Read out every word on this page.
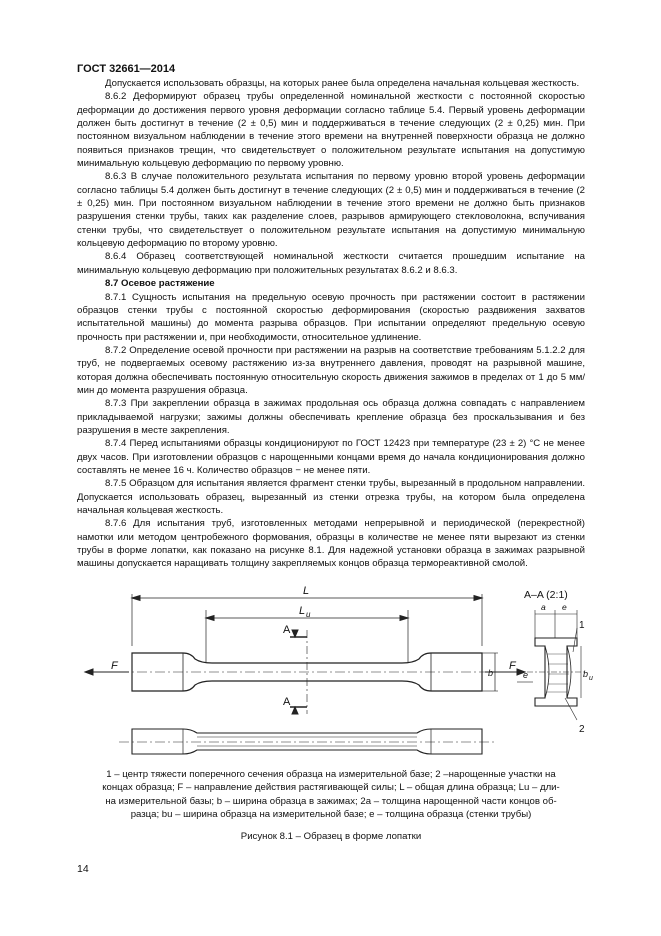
ГОСТ 32661—2014

Допускается использовать образцы, на которых ранее была определена начальная кольцевая жесткость.

8.6.2 Деформируют образец трубы определенной номинальной жесткости с постоянной скоростью деформации до достижения первого уровня деформации согласно таблице 5.4. Первый уровень деформации должен быть достигнут в течение (2 ± 0,5) мин и поддерживаться в течение следующих (2 ± 0,25) мин. При постоянном визуальном наблюдении в течение этого времени на внутренней поверхности образца не должно появиться признаков трещин, что свидетельствует о положительном результате испытания на допустимую минимальную кольцевую деформацию по первому уровню.

8.6.3 В случае положительного результата испытания по первому уровню второй уровень деформации согласно таблицы 5.4 должен быть достигнут в течение следующих (2 ± 0,5) мин и поддерживаться в течение (2 ± 0,25) мин. При постоянном визуальном наблюдении в течение этого времени не должно быть признаков разрушения стенки трубы, таких как разделение слоев, разрывов армирующего стекловолокна, вспучивания стенки трубы, что свидетельствует о положительном результате испытания на допустимую минимальную кольцевую деформацию по второму уровню.

8.6.4 Образец соответствующей номинальной жесткости считается прошедшим испытание на минимальную кольцевую деформацию при положительных результатах 8.6.2 и 8.6.3.

8.7 Осевое растяжение

8.7.1 Сущность испытания на предельную осевую прочность при растяжении состоит в растяжении образцов стенки трубы с постоянной скоростью деформирования (скоростью раздвижения захватов испытательной машины) до момента разрыва образцов. При испытании определяют предельную осевую прочность при растяжении и, при необходимости, относительное удлинение.

8.7.2 Определение осевой прочности при растяжении на разрыв на соответствие требованиям 5.1.2.2 для труб, не подвергаемых осевому растяжению из-за внутреннего давления, проводят на разрывной машине, которая должна обеспечивать постоянную относительную скорость движения зажимов в пределах от 1 до 5 мм/мин до момента разрушения образца.

8.7.3 При закреплении образца в зажимах продольная ось образца должна совпадать с направлением прикладываемой нагрузки; зажимы должны обеспечивать крепление образца без проскальзывания и без разрушения в месте закрепления.

8.7.4 Перед испытаниями образцы кондиционируют по ГОСТ 12423 при температуре (23 ± 2) °С не менее двух часов. При изготовлении образцов с нарощенными концами время до начала кондиционирования должно составлять не менее 16 ч. Количество образцов − не менее пяти.

8.7.5 Образцом для испытания является фрагмент стенки трубы, вырезанный в продольном направлении. Допускается использовать образец, вырезанный из стенки отрезка трубы, на котором была определена начальная кольцевая жесткость.

8.7.6 Для испытания труб, изготовленных методами непрерывной и периодической (перекрестной) намотки или методом центробежного формования, образцы в количестве не менее пяти вырезают из стенки трубы в форме лопатки, как показано на рисунке 8.1. Для надежной установки образца в зажимах разрывной машины допускается наращивать толщину закрепляемых концов образца термореактивной смолой.

L
L u
A
A
F	F
b	e
A–A (2:1)
a e
b u
1
2
1 – центр тяжести поперечного сечения образца на измерительной базе; 2 –нарощенные участки на
концах образца; F – направление действия растягивающей силы; L – общая длина образца; Lu – дли-
на измерительной базы; b – ширина образца в зажимах; 2a – толщина нарощенной части концов об-
разца; bu – ширина образца на измерительной базе; e – толщина образца (стенки трубы)
Рисунок 8.1 – Образец в форме лопатки
14
